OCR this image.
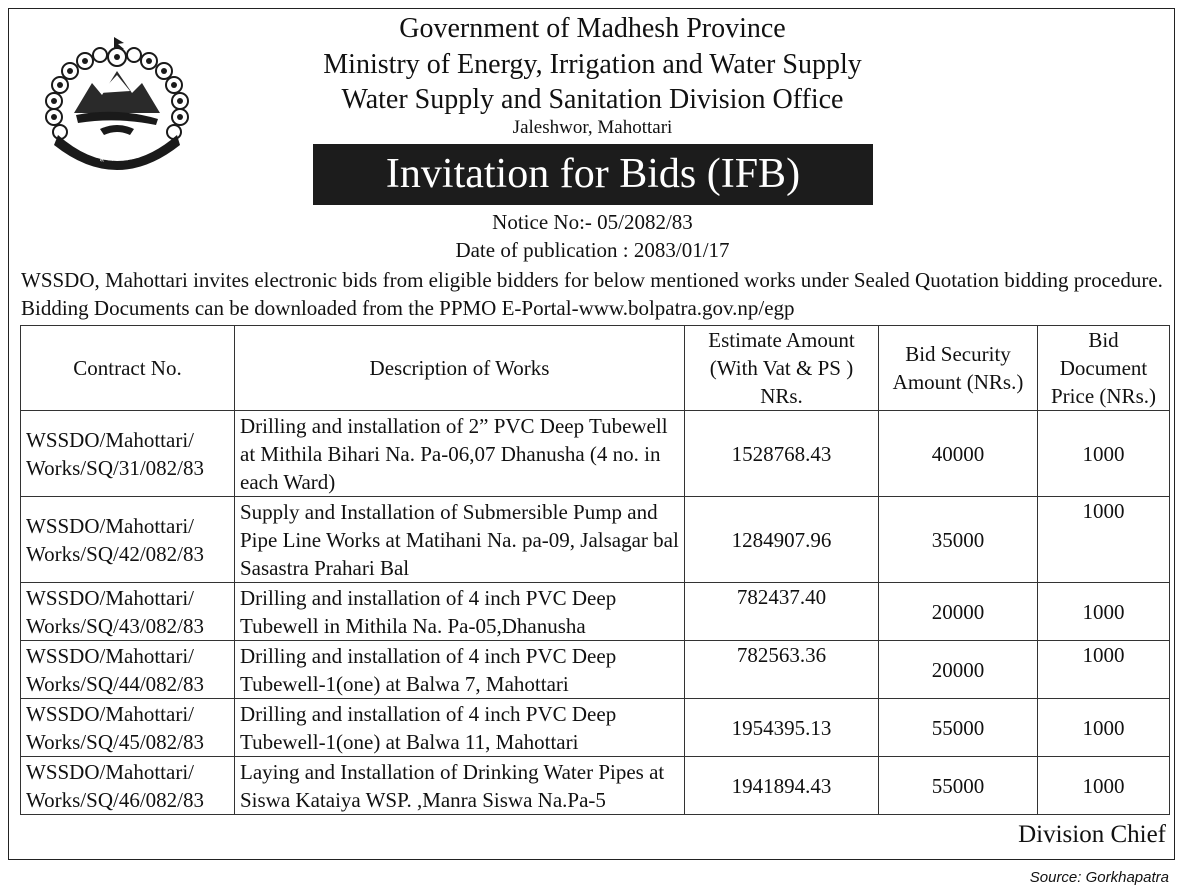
जननी जन्मभूमिश्च स्वर्गादपि गरीयसी
Government of Madhesh Province
Ministry of Energy, Irrigation and Water Supply
Water Supply and Sanitation Division Office
Jaleshwor, Mahottari
Invitation for Bids (IFB)
Notice No:- 05/2082/83
Date of publication : 2083/01/17
WSSDO, Mahottari invites electronic bids from eligible bidders for below mentioned works under Sealed Quotation bidding procedure. Bidding Documents can be downloaded from the PPMO E-Portal-www.bolpatra.gov.np/egp
Contract No.	Description of Works	Estimate Amount (With Vat & PS ) NRs.	Bid Security Amount (NRs.)	Bid Document Price (NRs.)
WSSDO/Mahottari/ Works/SQ/31/082/83	Drilling and installation of 2” PVC Deep Tubewell at Mithila Bihari Na. Pa-06,07 Dhanusha (4 no. in each Ward)	1528768.43	40000	1000
WSSDO/Mahottari/ Works/SQ/42/082/83	Supply and Installation of Submersible Pump and Pipe Line Works at Matihani Na. pa-09, Jalsagar bal Sasastra Prahari Bal	1284907.96	35000	1000
WSSDO/Mahottari/ Works/SQ/43/082/83	Drilling and installation of 4 inch PVC Deep Tubewell in Mithila Na. Pa-05,Dhanusha	782437.40	20000	1000
WSSDO/Mahottari/ Works/SQ/44/082/83	Drilling and installation of 4 inch PVC Deep Tubewell-1(one) at Balwa 7, Mahottari	782563.36	20000	1000
WSSDO/Mahottari/ Works/SQ/45/082/83	Drilling and installation of 4 inch PVC Deep Tubewell-1(one) at Balwa 11, Mahottari	1954395.13	55000	1000
WSSDO/Mahottari/ Works/SQ/46/082/83	Laying and Installation of Drinking Water Pipes at Siswa Kataiya WSP. ,Manra Siswa Na.Pa-5	1941894.43	55000	1000
Division Chief
Source: Gorkhapatra
